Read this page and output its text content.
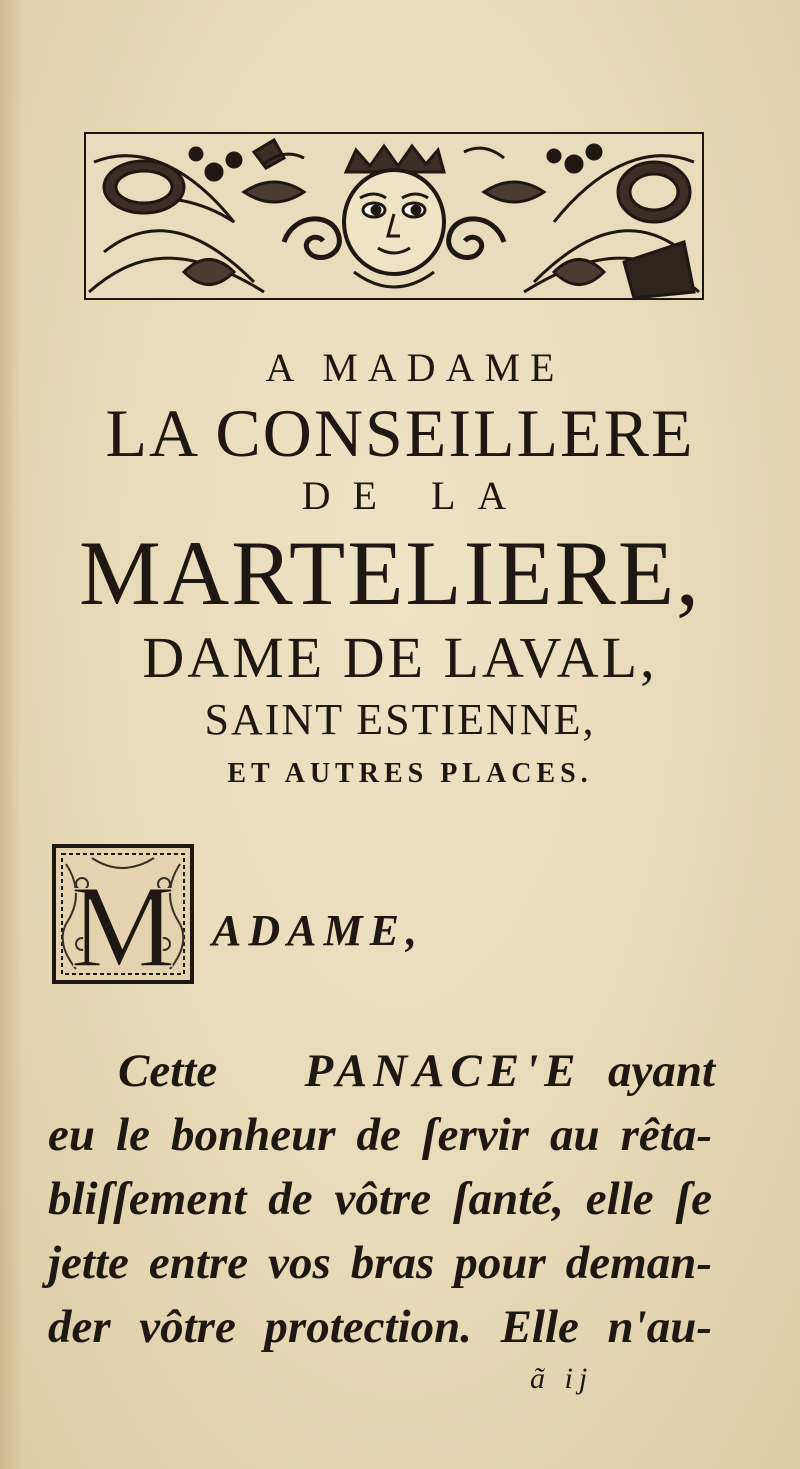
A MADAME
LA CONSEILLERE
DE LA
MARTELIERE,
DAME DE LAVAL,
SAINT ESTIENNE,
ET AUTRES PLACES.
M ADAME,
CettePANACE'Eayant
eu le bonheur de ſervir au rêta-
bliſſement de vôtre ſanté, elle ſe
jette entre vos bras pour deman-
der vôtre protection. Elle n'au-
ã ij
